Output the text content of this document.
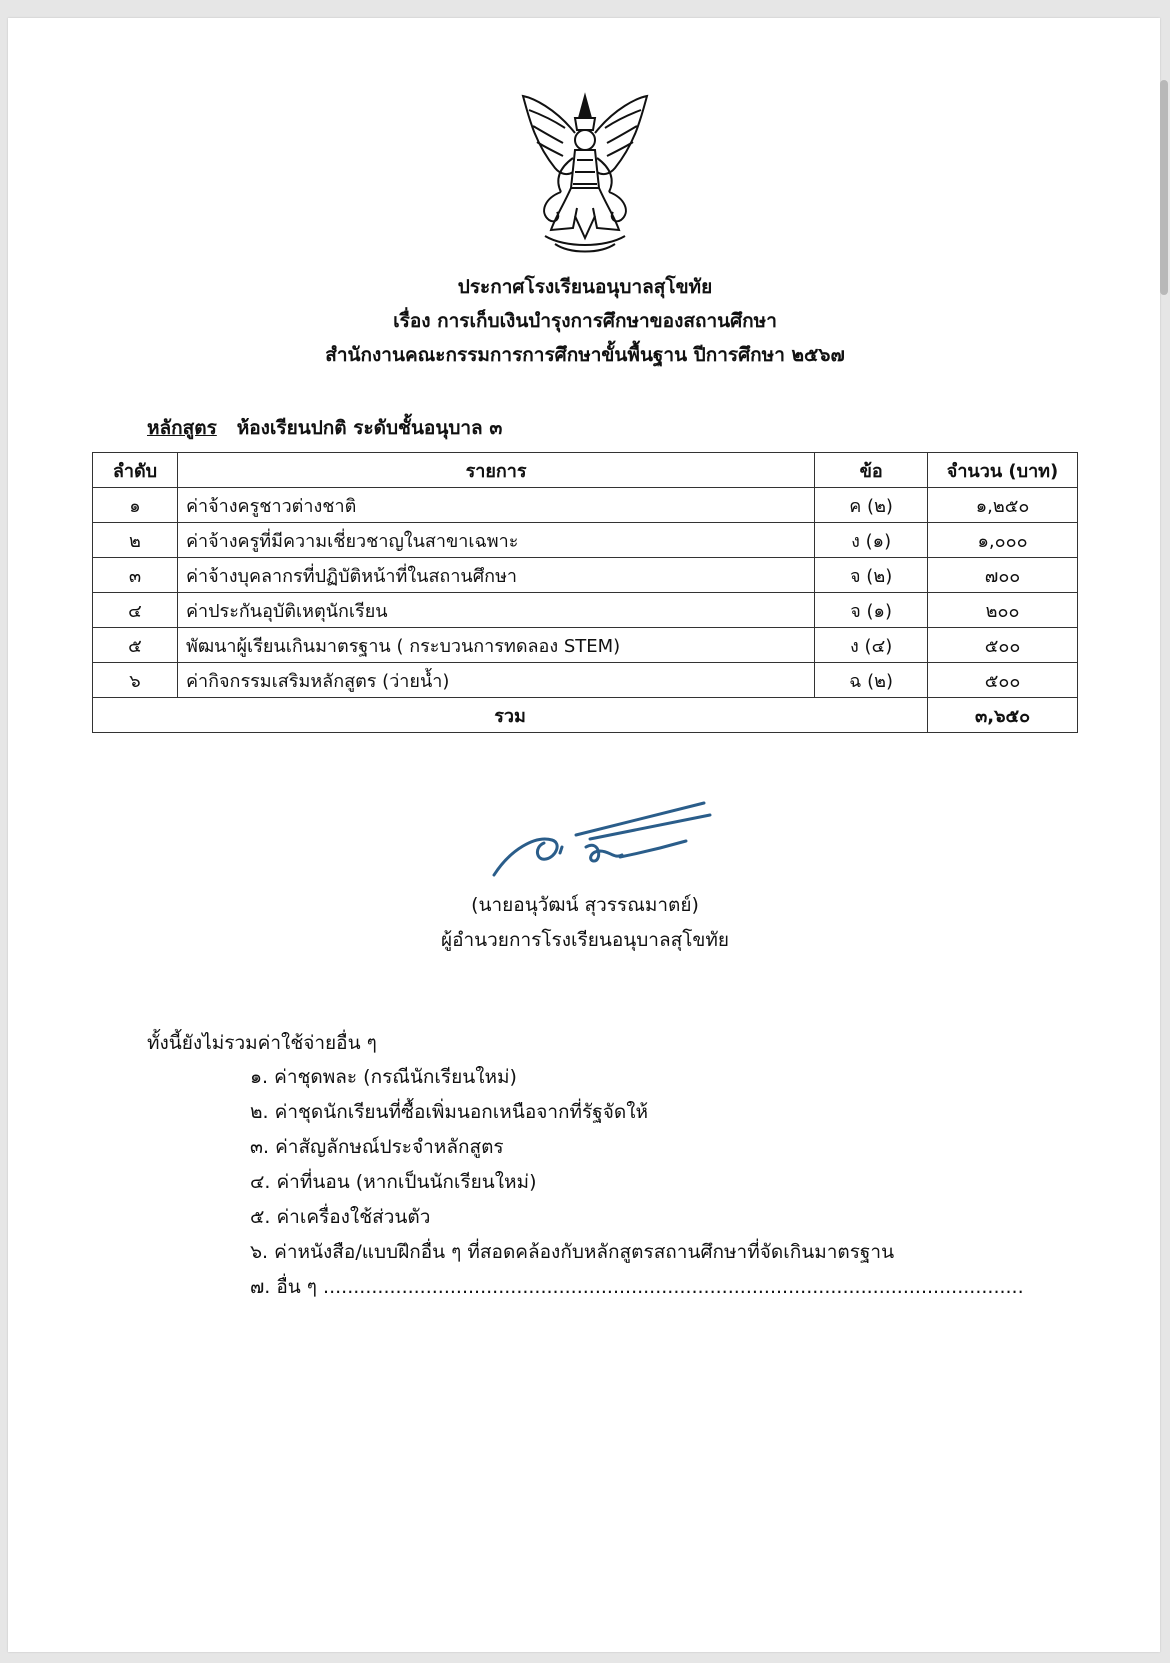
ประกาศโรงเรียนอนุบาลสุโขทัย
เรื่อง การเก็บเงินบำรุงการศึกษาของสถานศึกษา
สำนักงานคณะกรรมการการศึกษาขั้นพื้นฐาน ปีการศึกษา ๒๕๖๗
หลักสูตร ห้องเรียนปกติ ระดับชั้นอนุบาล ๓
ลำดับ	รายการ	ข้อ	จำนวน (บาท)
๑	ค่าจ้างครูชาวต่างชาติ	ค (๒)	๑,๒๕๐
๒	ค่าจ้างครูที่มีความเชี่ยวชาญในสาขาเฉพาะ	ง (๑)	๑,๐๐๐
๓	ค่าจ้างบุคลากรที่ปฏิบัติหน้าที่ในสถานศึกษา	จ (๒)	๗๐๐
๔	ค่าประกันอุบัติเหตุนักเรียน	จ (๑)	๒๐๐
๕	พัฒนาผู้เรียนเกินมาตรฐาน ( กระบวนการทดลอง STEM)	ง (๔)	๕๐๐
๖	ค่ากิจกรรมเสริมหลักสูตร (ว่ายน้ำ)	ฉ (๒)	๕๐๐
รวม			๓,๖๕๐
(นายอนุวัฒน์ สุวรรณมาตย์)
ผู้อำนวยการโรงเรียนอนุบาลสุโขทัย
ทั้งนี้ยังไม่รวมค่าใช้จ่ายอื่น ๆ
๑. ค่าชุดพละ (กรณีนักเรียนใหม่)
๒. ค่าชุดนักเรียนที่ซื้อเพิ่มนอกเหนือจากที่รัฐจัดให้
๓. ค่าสัญลักษณ์ประจำหลักสูตร
๔. ค่าที่นอน (หากเป็นนักเรียนใหม่)
๕. ค่าเครื่องใช้ส่วนตัว
๖. ค่าหนังสือ/แบบฝึกอื่น ๆ ที่สอดคล้องกับหลักสูตรสถานศึกษาที่จัดเกินมาตรฐาน
๗. อื่น ๆ ....................................................................................................................
